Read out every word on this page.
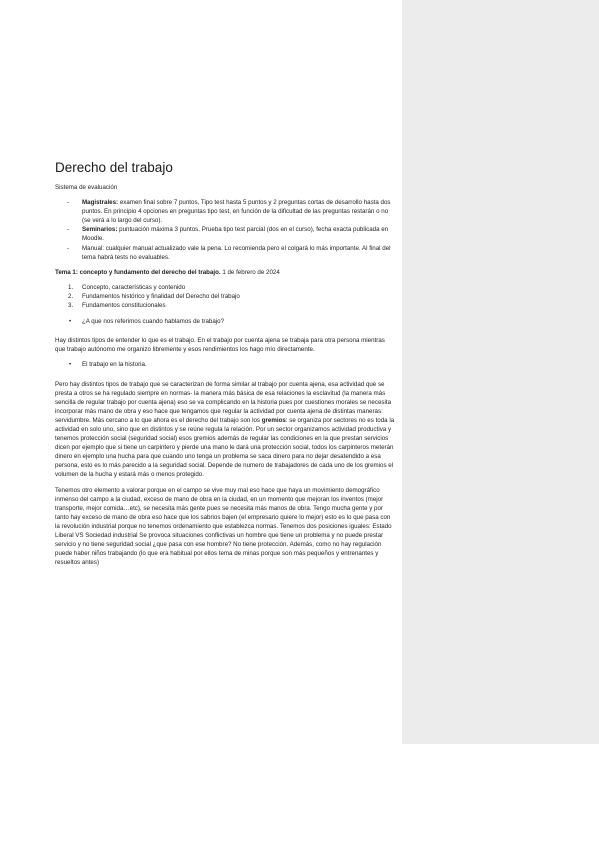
Derecho del trabajo

Sistema de evaluación

- Magistrales: examen final sobre 7 puntos, Tipo test hasta 5 puntos y 2 preguntas cortas de desarrollo hasta dos puntos. En principio 4 opciones en preguntas tipo test, en función de la dificultad de las preguntas restarán o no (se verá a lo largo del curso).
- Seminarios: puntuación máxima 3 puntos. Prueba tipo test parcial (dos en el curso), fecha exacta publicada en Moodle.
- Manual: cualquier manual actualizado vale la pena. Lo recomienda pero el colgará lo más importante. Al final del tema habrá tests no evaluables.

Tema 1: concepto y fundamento del derecho del trabajo. 1 de febrero de 2024

1. Concepto, características y contenido
2. Fundamentos histórico y finalidad del Derecho del trabajo
3. Fundamentos constitucionales
• ¿A que nos referimos cuando hablamos de trabajo?

Hay distintos tipos de entender lo que es el trabajo. En el trabajo por cuenta ajena se trabaja para otra persona mientras que trabajo autónomo me organizo libremente y esos rendimientos los hago mío directamente.

• El trabajo en la historia.

Pero hay distintos tipos de trabajo que se caracterizan de forma similar al trabajo por cuenta ajena, esa actividad que se presta a otros se ha regulado siempre en normas- la manera más básica de esa relaciones la esclavitud (la manera más sencilla de regular trabajo por cuenta ajena) eso se va complicando en la historia pues por cuestiones morales se necesita incorporar más mano de obra y eso hace que tengamos que regular la actividad por cuenta ajena de distintas maneras: servidumbre. Más cercano a lo que ahora es el derecho del trabajo son los gremios: se organiza por sectores no es toda la actividad en solo uno, sino que en distintos y se reúne regula la relación. Por un sector organizamos actividad productiva y tenemos protección social (seguridad social) esos gremios además de regular las condiciones en la que prestan servicios dicen por ejemplo que si tiene un carpintero y pierde una mano le dará una protección social, todos los carpinteros meterán dinero en ejemplo una hucha para que cuando uno tenga un problema se saca dinero para no dejar desatendido a esa persona, esto es lo más parecido a la seguridad social. Depende de numero de trabajadores de cada uno de los gremios el volumen de la hucha y estará más o menos protegido.

Tenemos otro elemento a valorar porque en el campo se vive muy mal eso hace que haya un movimiento demográfico inmenso del campo a la ciudad, exceso de mano de obra en la ciudad, en un momento que mejoran los inventos (mejor transporte, mejor comida…etc), se necesita más gente pues se necesita más manos de obra. Tengo mucha gente y por tanto hay exceso de mano de obra eso hace que los sabrios bajen (el empresario quiere lo mejor) esto es lo que pasa con la revolución industrial porque no tenemos ordenamiento que establezca normas. Tenemos dos posiciones iguales: Estado Liberal VS Sociedad industrial Se provoca situaciones conflictivas un hombre que tiene un problema y no puede prestar servicio y no tiene seguridad social ¿que pasa con ese hombre? No tiene protección. Además, como no hay regulación puede haber niños trabajando (lo que era habitual por ellos tema de minas porque son más pequeños y entrenantes y resueltos antes)
